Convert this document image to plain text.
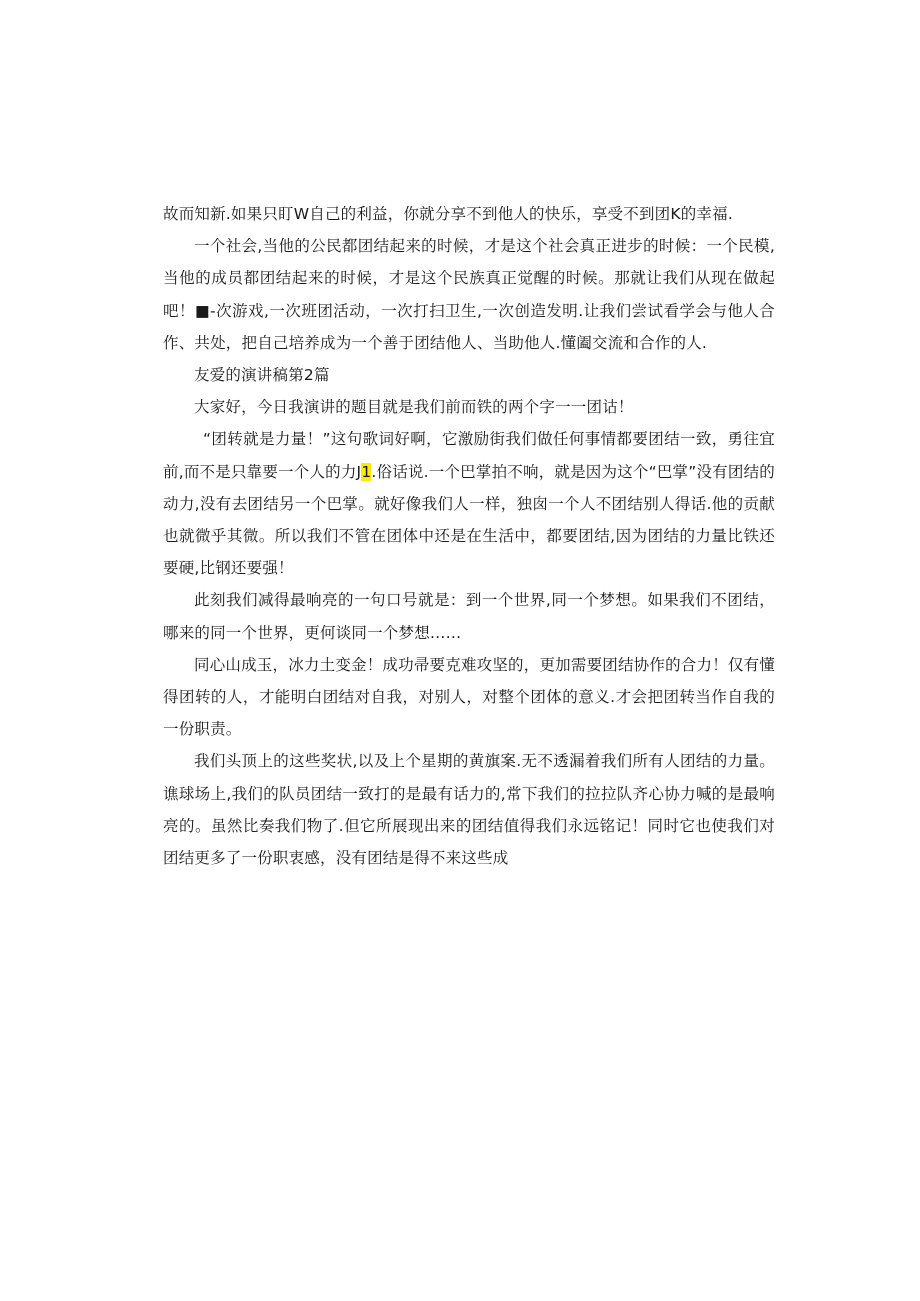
故而知新.如果只盯W自己的利益，你就分享不到他人的快乐，享受不到团K的幸福.

一个社会,当他的公民都团结起来的时候，才是这个社会真正进步的时候：一个民模,当他的成员都团结起来的时候，才是这个民族真正觉醒的时候。那就让我们从现在做起吧！■-次游戏,一次班团活动，一次打扫卫生,一次创造发明.让我们尝试看学会与他人合作、共处，把自己培养成为一个善于团结他人、当助他人.懂阖交流和合作的人.

友爱的演讲稿第2篇

大家好，今日我演讲的题目就是我们前而铁的两个字一一团诂！

“团转就是力量！”这句歌词好啊，它激励街我们做任何事情都要团结一致，勇往宜前,而不是只靠要一个人的力J1.俗话说.一个巴掌拍不响，就是因为这个“巴掌”没有团结的动力,没有去团结另一个巴掌。就好像我们人一样，独囱一个人不团结别人得话.他的贡献也就微乎其微。所以我们不管在团体中还是在生活中，都要团结,因为团结的力量比铁还要硬,比钢还要强！

此刻我们减得最响亮的一句口号就是：到一个世界,同一个梦想。如果我们不团结，哪来的同一个世界，更何谈同一个梦想……

同心山成玉，冰力土变金！成功帚要克难攻坚的，更加需要团结协作的合力！仅有懂得团转的人，才能明白团结对自我，对别人，对整个团体的意义.才会把团转当作自我的一份职责。

我们头顶上的这些奖状,以及上个星期的黄旗案.无不透漏着我们所有人团结的力量。谯球场上,我们的队员团结一致打的是最有话力的,常下我们的拉拉队齐心协力喊的是最响亮的。虽然比奏我们物了.但它所展现出来的团结值得我们永远铭记！同时它也使我们对团结更多了一份职衷感，没有团结是得不来这些成
